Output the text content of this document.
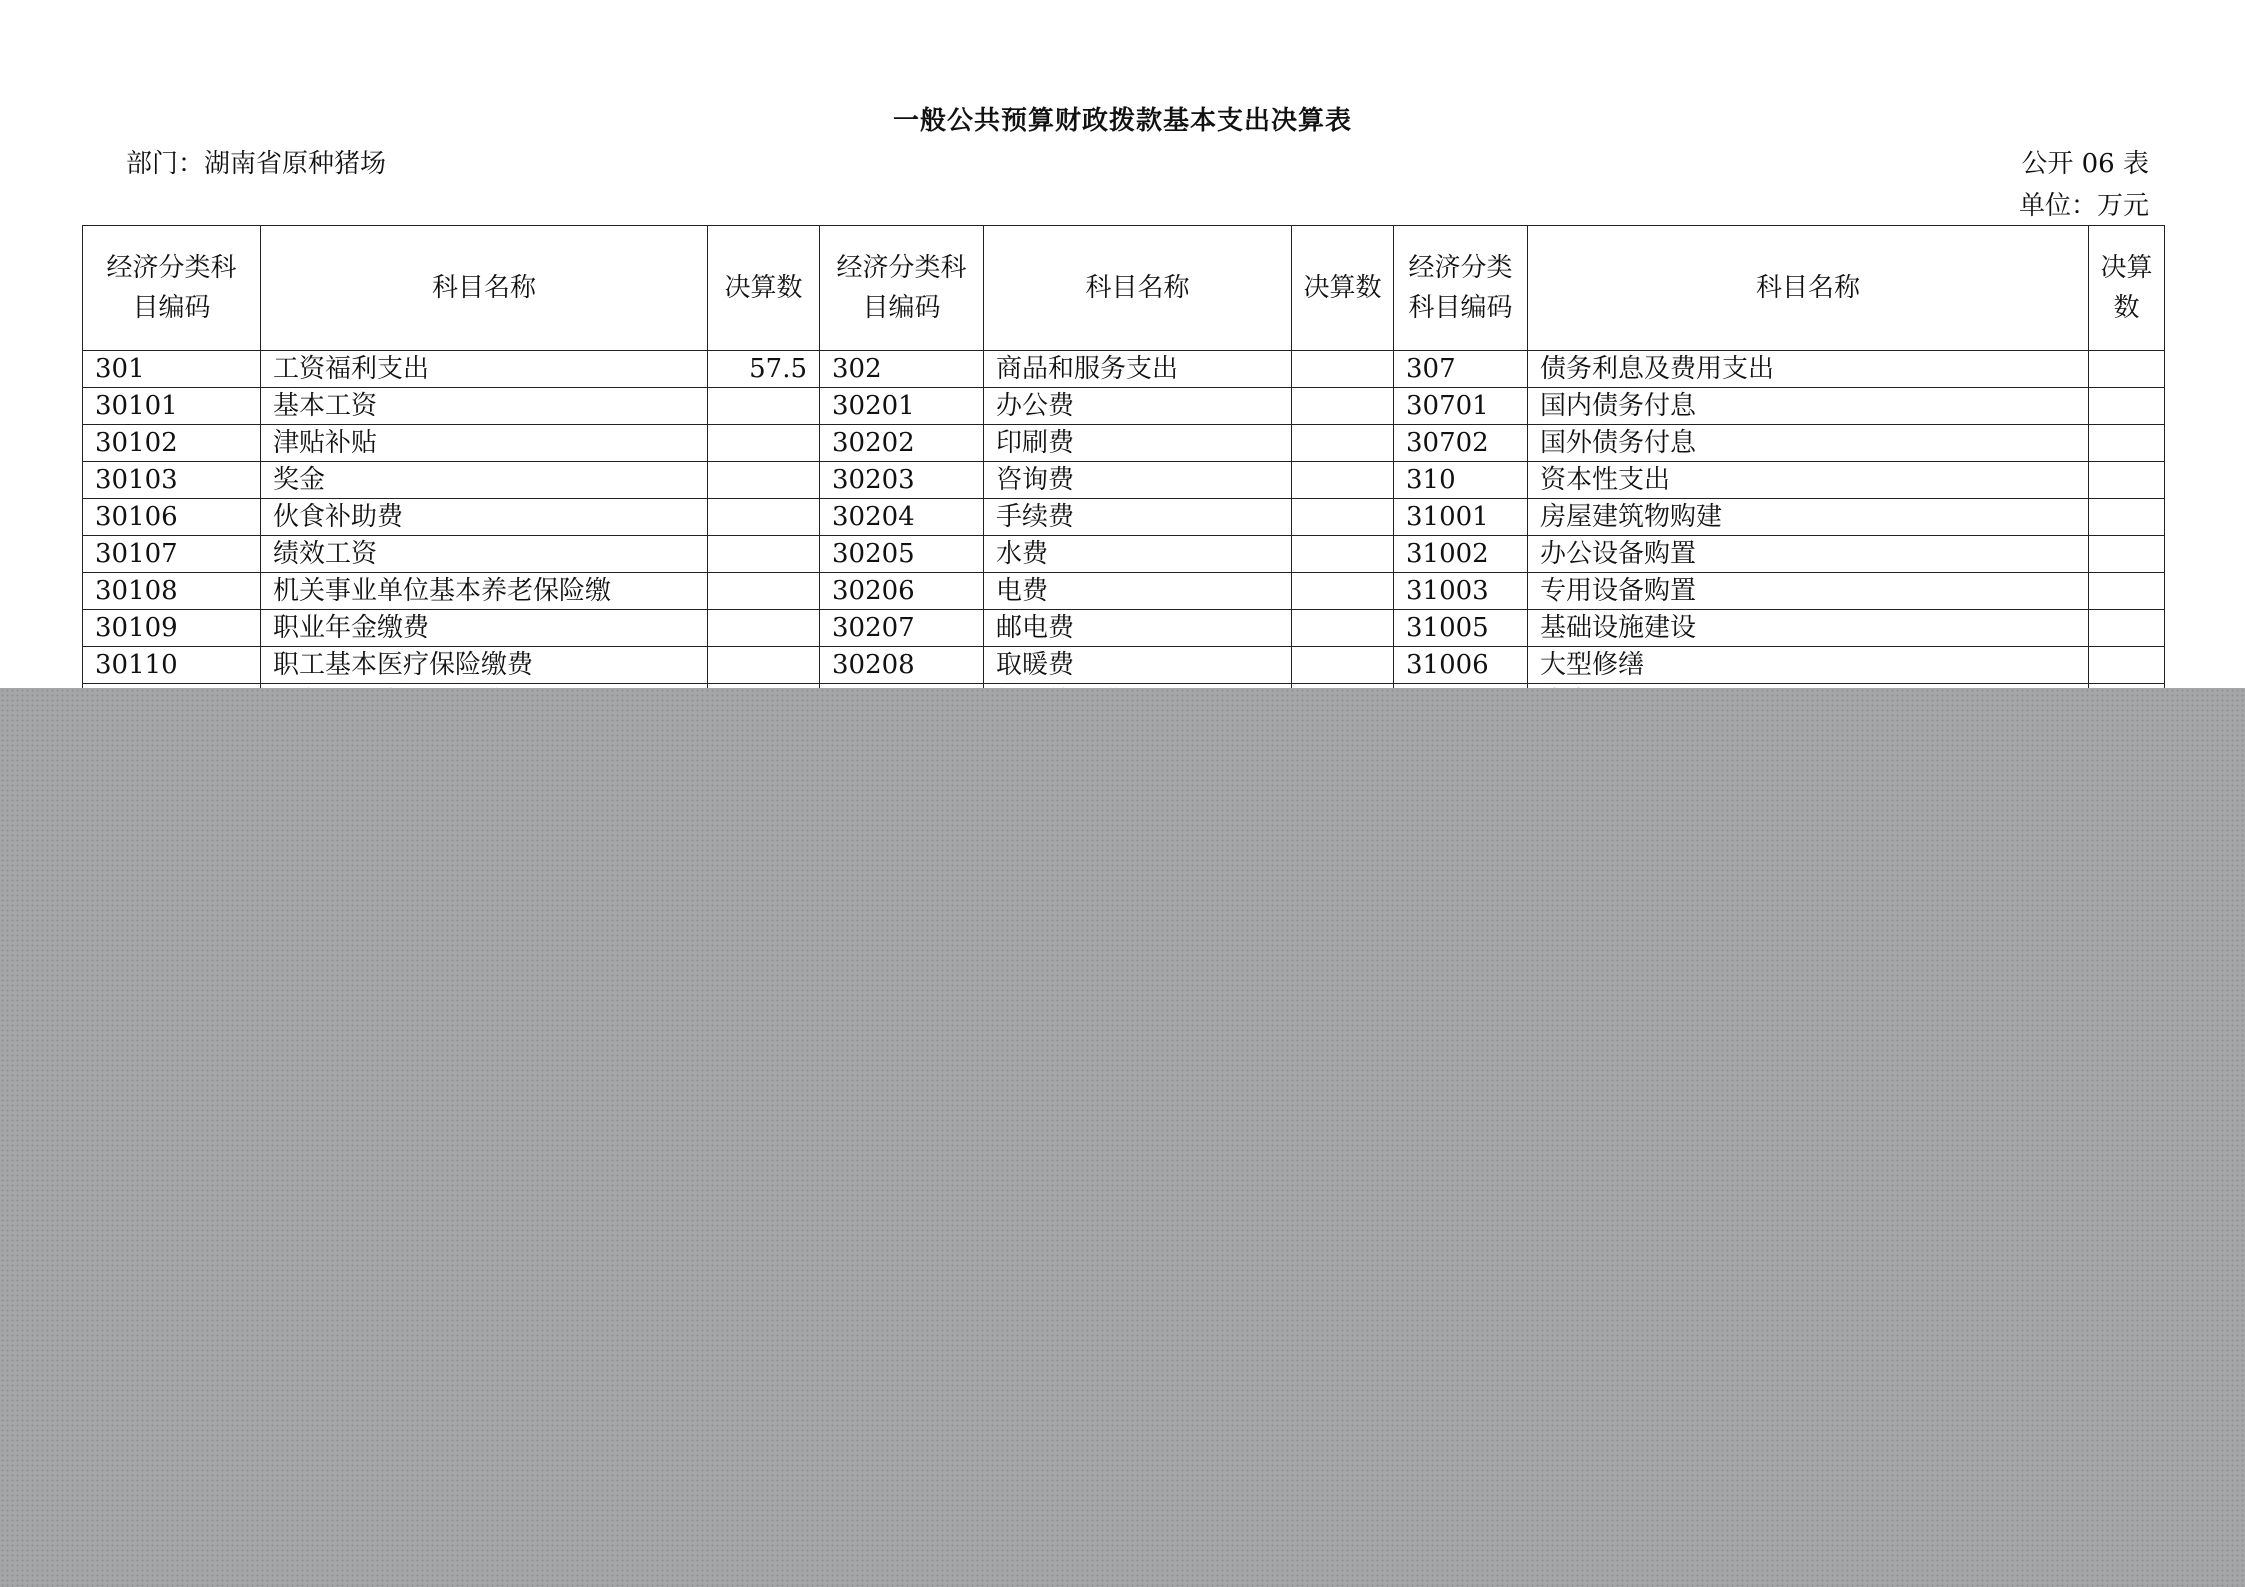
一般公共预算财政拨款基本支出决算表
部门：湖南省原种猪场	公开 06 表
单位：万元
经济分类科目编码	科目名称	决算数	经济分类科目编码	科目名称	决算数	经济分类科目编码	科目名称	决算数
301	工资福利支出	57.5	302	商品和服务支出		307	债务利息及费用支出	
30101	基本工资		30201	办公费		30701	国内债务付息	
30102	津贴补贴		30202	印刷费		30702	国外债务付息	
30103	奖金		30203	咨询费		310	资本性支出	
30106	伙食补助费		30204	手续费		31001	房屋建筑物购建	
30107	绩效工资		30205	水费		31002	办公设备购置	
30108	机关事业单位基本养老保险缴		30206	电费		31003	专用设备购置	
30109	职业年金缴费		30207	邮电费		31005	基础设施建设	
30110	职工基本医疗保险缴费		30208	取暖费		31006	大型修缮	
